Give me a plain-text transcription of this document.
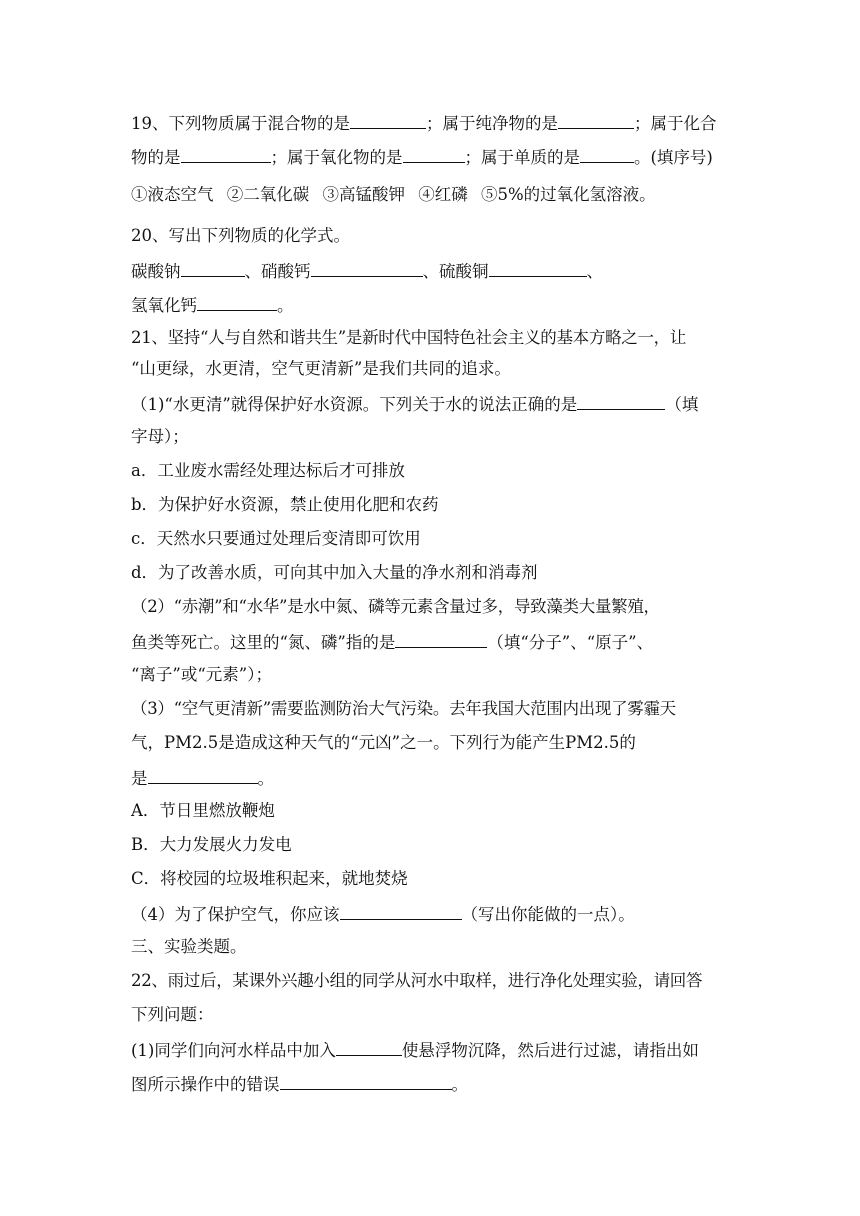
19、下列物质属于混合物的是	；属于纯净物的是	；属于化合
物的是	；属于氧化物的是	；属于单质的是	。(填序号)
①液态空气 ②二氧化碳 ③高锰酸钾 ④红磷 ⑤5%的过氧化氢溶液。
20、写出下列物质的化学式。
碳酸钠	、硝酸钙	、硫酸铜	、
氢氧化钙	。
21、坚持“人与自然和谐共生”是新时代中国特色社会主义的基本方略之一，让
“山更绿，水更清，空气更清新”是我们共同的追求。
（1)“水更清”就得保护好水资源。下列关于水的说法正确的是	（填
字母）；
a．工业废水需经处理达标后才可排放
b．为保护好水资源，禁止使用化肥和农药
c．天然水只要通过处理后变清即可饮用
d．为了改善水质，可向其中加入大量的净水剂和消毒剂
（2）“赤潮”和“水华”是水中氮、磷等元素含量过多，导致藻类大量繁殖，
鱼类等死亡。这里的“氮、磷”指的是	（填“分子”、“原子”、
“离子”或“元素”）；
（3）“空气更清新”需要监测防治大气污染。去年我国大范围内出现了雾霾天
气，PM2.5是造成这种天气的“元凶”之一。下列行为能产生PM2.5的
是	。
A．节日里燃放鞭炮
B．大力发展火力发电
C．将校园的垃圾堆积起来，就地焚烧
（4）为了保护空气，你应该	（写出你能做的一点）。
三、实验类题。
22、雨过后，某课外兴趣小组的同学从河水中取样，进行净化处理实验，请回答
下列问题：
(1)同学们向河水样品中加入	使悬浮物沉降，然后进行过滤，请指出如
图所示操作中的错误	。
